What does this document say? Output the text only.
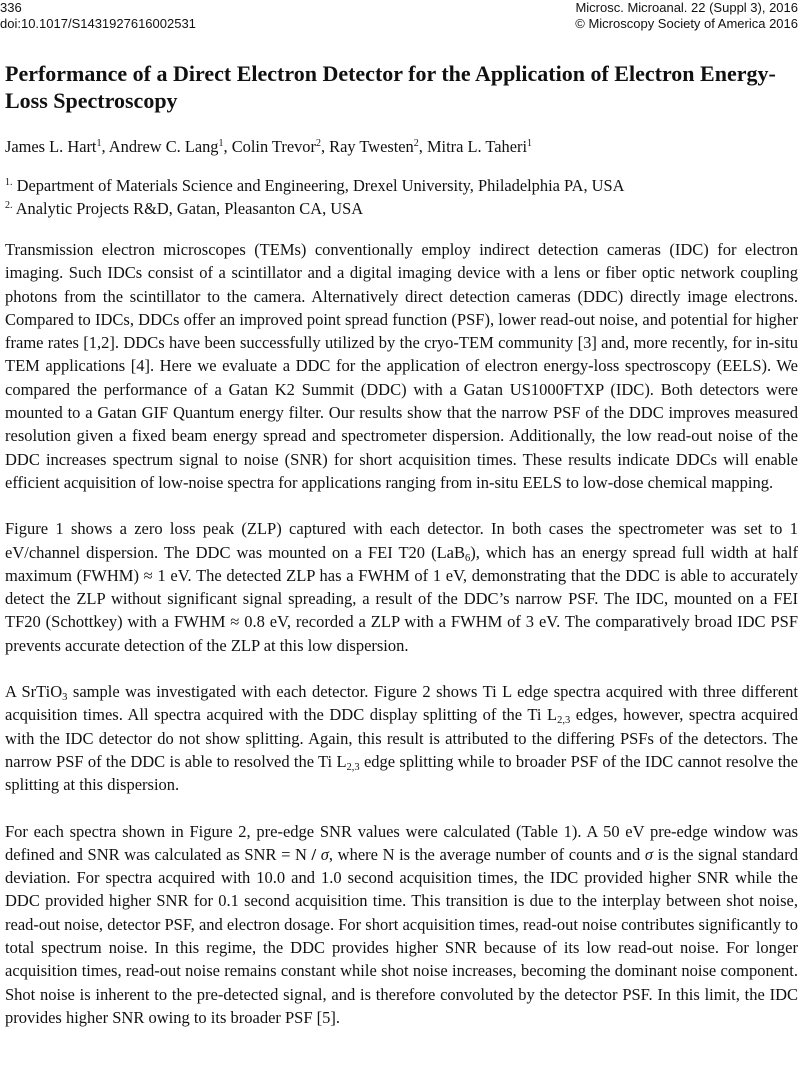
336
doi:10.1017/S1431927616002531
Microsc. Microanal. 22 (Suppl 3), 2016
© Microscopy Society of America 2016
Performance of a Direct Electron Detector for the Application of Electron Energy-Loss Spectroscopy
James L. Hart$^1$, Andrew C. Lang$^1$, Colin Trevor$^2$, Ray Twesten$^2$, Mitra L. Taheri$^1$
$^{1.}$ Department of Materials Science and Engineering, Drexel University, Philadelphia PA, USA
$^{2.}$ Analytic Projects R&D, Gatan, Pleasanton CA, USA

Transmission electron microscopes (TEMs) conventionally employ indirect detection cameras (IDC) for electron imaging. Such IDCs consist of a scintillator and a digital imaging device with a lens or fiber optic network coupling photons from the scintillator to the camera. Alternatively direct detection cameras (DDC) directly image electrons. Compared to IDCs, DDCs offer an improved point spread function (PSF), lower read-out noise, and potential for higher frame rates [1,2]. DDCs have been successfully utilized by the cryo-TEM community [3] and, more recently, for in-situ TEM applications [4]. Here we evaluate a DDC for the application of electron energy-loss spectroscopy (EELS). We compared the performance of a Gatan K2 Summit (DDC) with a Gatan US1000FTXP (IDC). Both detectors were mounted to a Gatan GIF Quantum energy filter. Our results show that the narrow PSF of the DDC improves measured resolution given a fixed beam energy spread and spectrometer dispersion. Additionally, the low read-out noise of the DDC increases spectrum signal to noise (SNR) for short acquisition times. These results indicate DDCs will enable efficient acquisition of low-noise spectra for applications ranging from in-situ EELS to low-dose chemical mapping.

Figure 1 shows a zero loss peak (ZLP) captured with each detector. In both cases the spectrometer was set to 1 eV/channel dispersion. The DDC was mounted on a FEI T20 (LaB$_6$), which has an energy spread full width at half maximum (FWHM) ≈ 1 eV. The detected ZLP has a FWHM of 1 eV, demonstrating that the DDC is able to accurately detect the ZLP without significant signal spreading, a result of the DDC’s narrow PSF. The IDC, mounted on a FEI TF20 (Schottkey) with a FWHM ≈ 0.8 eV, recorded a ZLP with a FWHM of 3 eV. The comparatively broad IDC PSF prevents accurate detection of the ZLP at this low dispersion.

A SrTiO$_3$ sample was investigated with each detector. Figure 2 shows Ti L edge spectra acquired with three different acquisition times. All spectra acquired with the DDC display splitting of the Ti $L_{2,3}$ edges, however, spectra acquired with the IDC detector do not show splitting. Again, this result is attributed to the differing PSFs of the detectors. The narrow PSF of the DDC is able to resolved the Ti $L_{2,3}$ edge splitting while to broader PSF of the IDC cannot resolve the splitting at this dispersion.

For each spectra shown in Figure 2, pre-edge SNR values were calculated (Table 1). A 50 eV pre-edge window was defined and SNR was calculated as SNR = N / σ, where N is the average number of counts and σ is the signal standard deviation. For spectra acquired with 10.0 and 1.0 second acquisition times, the IDC provided higher SNR while the DDC provided higher SNR for 0.1 second acquisition time. This transition is due to the interplay between shot noise, read-out noise, detector PSF, and electron dosage. For short acquisition times, read-out noise contributes significantly to total spectrum noise. In this regime, the DDC provides higher SNR because of its low read-out noise. For longer acquisition times, read-out noise remains constant while shot noise increases, becoming the dominant noise component. Shot noise is inherent to the pre-detected signal, and is therefore convoluted by the detector PSF. In this limit, the IDC provides higher SNR owing to its broader PSF [5].
